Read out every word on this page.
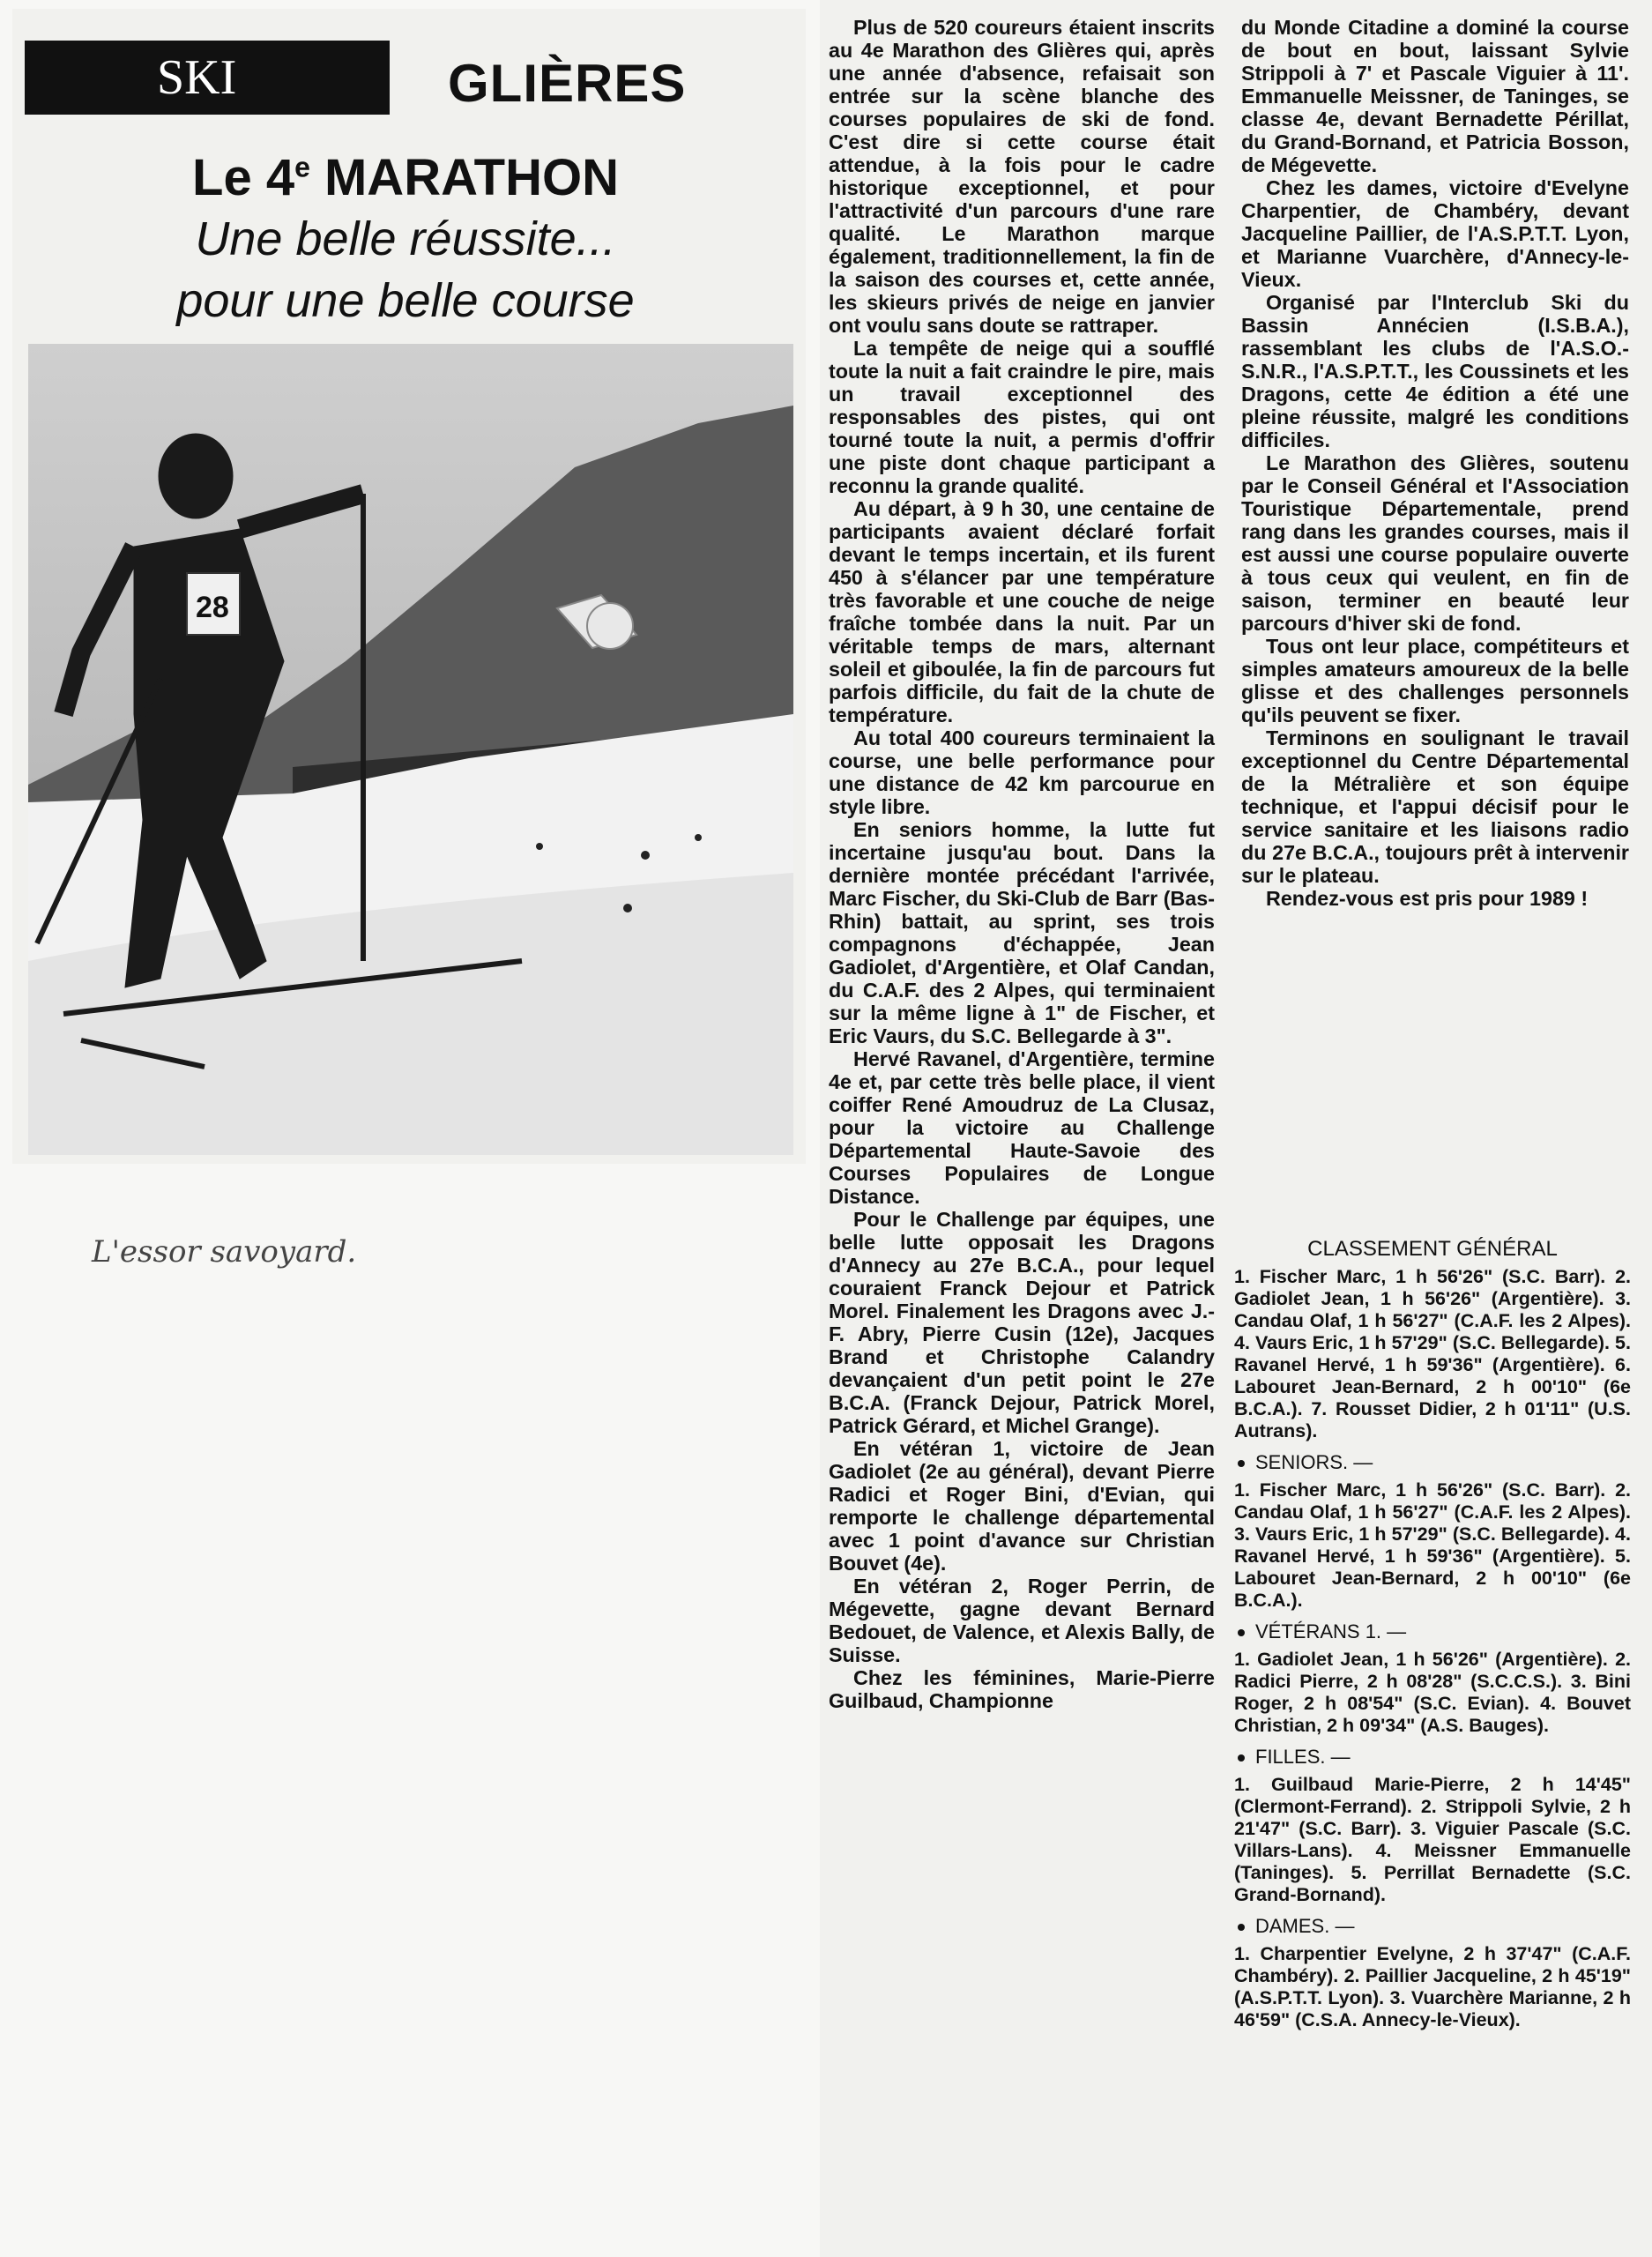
SKI	GLIÈRES
Le 4e MARATHON
Une belle réussite...
pour une belle course
28
L'essor savoyard.

Plus de 520 coureurs étaient inscrits au 4e Marathon des Glières qui, après une année d'absence, refaisait son entrée sur la scène blanche des courses populaires de ski de fond. C'est dire si cette course était attendue, à la fois pour le cadre historique exceptionnel, et pour l'attractivité d'un parcours d'une rare qualité. Le Marathon marque également, traditionnellement, la fin de la saison des courses et, cette année, les skieurs privés de neige en janvier ont voulu sans doute se rattraper.

La tempête de neige qui a soufflé toute la nuit a fait craindre le pire, mais un travail exceptionnel des responsables des pistes, qui ont tourné toute la nuit, a permis d'offrir une piste dont chaque participant a reconnu la grande qualité.

Au départ, à 9 h 30, une centaine de participants avaient déclaré forfait devant le temps incertain, et ils furent 450 à s'élancer par une température très favorable et une couche de neige fraîche tombée dans la nuit. Par un véritable temps de mars, alternant soleil et giboulée, la fin de parcours fut parfois difficile, du fait de la chute de température.

Au total 400 coureurs terminaient la course, une belle performance pour une distance de 42 km parcourue en style libre.

En seniors homme, la lutte fut incertaine jusqu'au bout. Dans la dernière montée précédant l'arrivée, Marc Fischer, du Ski-Club de Barr (Bas-Rhin) battait, au sprint, ses trois compagnons d'échappée, Jean Gadiolet, d'Argentière, et Olaf Candan, du C.A.F. des 2 Alpes, qui terminaient sur la même ligne à 1" de Fischer, et Eric Vaurs, du S.C. Bellegarde à 3".

Hervé Ravanel, d'Argentière, termine 4e et, par cette très belle place, il vient coiffer René Amoudruz de La Clusaz, pour la victoire au Challenge Départemental Haute-Savoie des Courses Populaires de Longue Distance.

Pour le Challenge par équipes, une belle lutte opposait les Dragons d'Annecy au 27e B.C.A., pour lequel couraient Franck Dejour et Patrick Morel. Finalement les Dragons avec J.-F. Abry, Pierre Cusin (12e), Jacques Brand et Christophe Calandry devançaient d'un petit point le 27e B.C.A. (Franck Dejour, Patrick Morel, Patrick Gérard, et Michel Grange).

En vétéran 1, victoire de Jean Gadiolet (2e au général), devant Pierre Radici et Roger Bini, d'Evian, qui remporte le challenge départemental avec 1 point d'avance sur Christian Bouvet (4e).

En vétéran 2, Roger Perrin, de Mégevette, gagne devant Bernard Bedouet, de Valence, et Alexis Bally, de Suisse.

Chez les féminines, Marie-Pierre Guilbaud, Championne

du Monde Citadine a dominé la course de bout en bout, laissant Sylvie Strippoli à 7' et Pascale Viguier à 11'. Emmanuelle Meissner, de Taninges, se classe 4e, devant Bernadette Périllat, du Grand-Bornand, et Patricia Bosson, de Mégevette.

Chez les dames, victoire d'Evelyne Charpentier, de Chambéry, devant Jacqueline Paillier, de l'A.S.P.T.T. Lyon, et Marianne Vuarchère, d'Annecy-le-Vieux.

Organisé par l'Interclub Ski du Bassin Annécien (I.S.B.A.), rassemblant les clubs de l'A.S.O.-S.N.R., l'A.S.P.T.T., les Coussinets et les Dragons, cette 4e édition a été une pleine réussite, malgré les conditions difficiles.

Le Marathon des Glières, soutenu par le Conseil Général et l'Association Touristique Départementale, prend rang dans les grandes courses, mais il est aussi une course populaire ouverte à tous ceux qui veulent, en fin de saison, terminer en beauté leur parcours d'hiver ski de fond.

Tous ont leur place, compétiteurs et simples amateurs amoureux de la belle glisse et des challenges personnels qu'ils peuvent se fixer.

Terminons en soulignant le travail exceptionnel du Centre Départemental de la Métralière et son équipe technique, et l'appui décisif pour le service sanitaire et les liaisons radio du 27e B.C.A., toujours prêt à intervenir sur le plateau.

Rendez-vous est pris pour 1989 !

CLASSEMENT GÉNÉRAL
1. Fischer Marc, 1 h 56'26" (S.C. Barr). 2. Gadiolet Jean, 1 h 56'26" (Argentière). 3. Candau Olaf, 1 h 56'27" (C.A.F. les 2 Alpes). 4. Vaurs Eric, 1 h 57'29" (S.C. Bellegarde). 5. Ravanel Hervé, 1 h 59'36" (Argentière). 6. Labouret Jean-Bernard, 2 h 00'10" (6e B.C.A.). 7. Rousset Didier, 2 h 01'11" (U.S. Autrans).
SENIORS. —
1. Fischer Marc, 1 h 56'26" (S.C. Barr). 2. Candau Olaf, 1 h 56'27" (C.A.F. les 2 Alpes). 3. Vaurs Eric, 1 h 57'29" (S.C. Bellegarde). 4. Ravanel Hervé, 1 h 59'36" (Argentière). 5. Labouret Jean-Bernard, 2 h 00'10" (6e B.C.A.).
VÉTÉRANS 1. —
1. Gadiolet Jean, 1 h 56'26" (Argentière). 2. Radici Pierre, 2 h 08'28" (S.C.C.S.). 3. Bini Roger, 2 h 08'54" (S.C. Evian). 4. Bouvet Christian, 2 h 09'34" (A.S. Bauges).
FILLES. —
1. Guilbaud Marie-Pierre, 2 h 14'45" (Clermont-Ferrand). 2. Strippoli Sylvie, 2 h 21'47" (S.C. Barr). 3. Viguier Pascale (S.C. Villars-Lans). 4. Meissner Emmanuelle (Taninges). 5. Perrillat Bernadette (S.C. Grand-Bornand).
DAMES. —
1. Charpentier Evelyne, 2 h 37'47" (C.A.F. Chambéry). 2. Paillier Jacqueline, 2 h 45'19" (A.S.P.T.T. Lyon). 3. Vuarchère Marianne, 2 h 46'59" (C.S.A. Annecy-le-Vieux).
